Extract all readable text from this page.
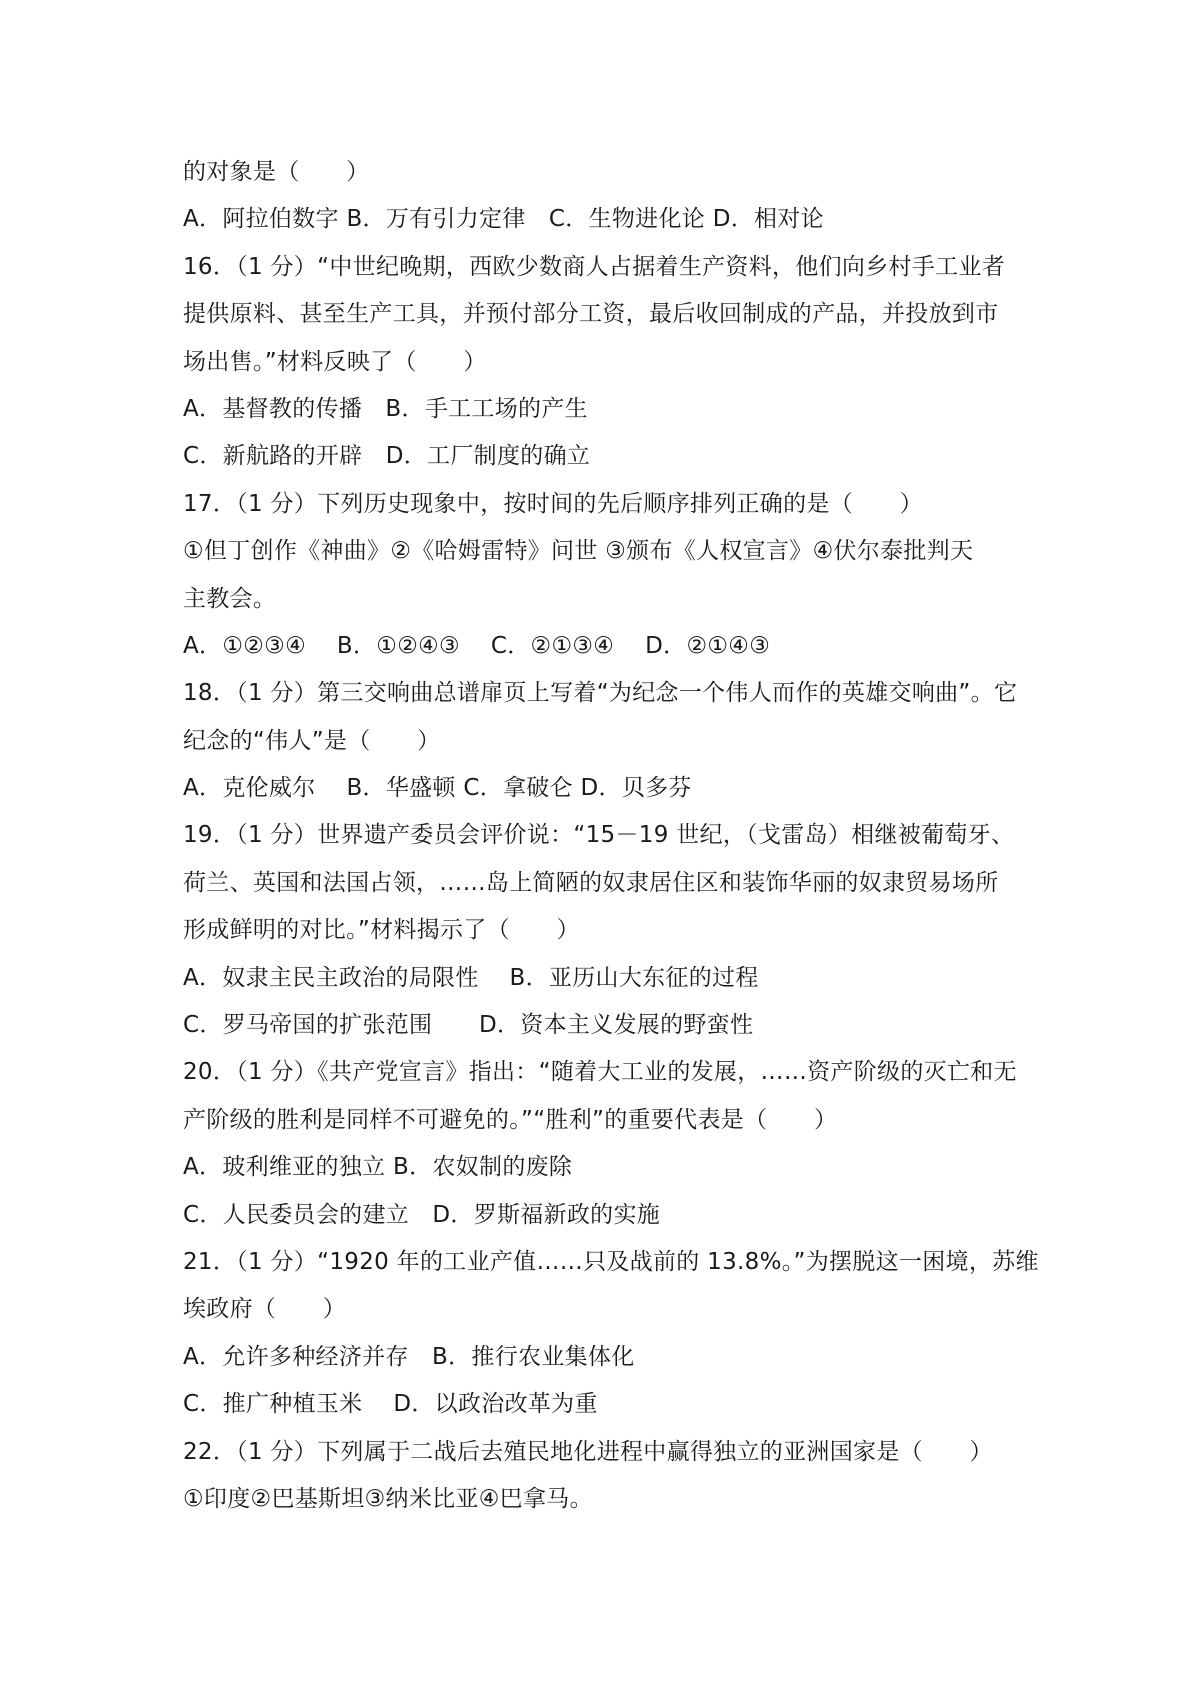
的对象是（　　）
A．阿拉伯数字 B．万有引力定律　C．生物进化论 D．相对论
16．（1 分）“中世纪晚期，西欧少数商人占据着生产资料，他们向乡村手工业者
提供原料、甚至生产工具，并预付部分工资，最后收回制成的产品，并投放到市
场出售。”材料反映了（　　）
A．基督教的传播　B．手工工场的产生
C．新航路的开辟　D．工厂制度的确立
17．（1 分）下列历史现象中，按时间的先后顺序排列正确的是（　　）
①但丁创作《神曲》②《哈姆雷特》问世 ③颁布《人权宣言》④伏尔泰批判天
主教会。
A．①②③④　 B．①②④③　 C．②①③④　 D．②①④③
18．（1 分）第三交响曲总谱扉页上写着“为纪念一个伟人而作的英雄交响曲”。它
纪念的“伟人”是（　　）
A．克伦威尔　 B．华盛顿 C．拿破仑 D．贝多芬
19．（1 分）世界遗产委员会评价说：“15－19 世纪，（戈雷岛）相继被葡萄牙、
荷兰、英国和法国占领，……岛上简陋的奴隶居住区和装饰华丽的奴隶贸易场所
形成鲜明的对比。”材料揭示了（　　）
A．奴隶主民主政治的局限性　 B．亚历山大东征的过程
C．罗马帝国的扩张范围　　D．资本主义发展的野蛮性
20．（1 分）《共产党宣言》指出：“随着大工业的发展，……资产阶级的灭亡和无
产阶级的胜利是同样不可避免的。”“胜利”的重要代表是（　　）
A．玻利维亚的独立 B．农奴制的废除
C．人民委员会的建立　D．罗斯福新政的实施
21．（1 分）“1920 年的工业产值……只及战前的 13.8%。”为摆脱这一困境，苏维
埃政府（　　）
A．允许多种经济并存　B．推行农业集体化
C．推广种植玉米　 D．以政治改革为重
22．（1 分）下列属于二战后去殖民地化进程中赢得独立的亚洲国家是（　　）
①印度②巴基斯坦③纳米比亚④巴拿马。
